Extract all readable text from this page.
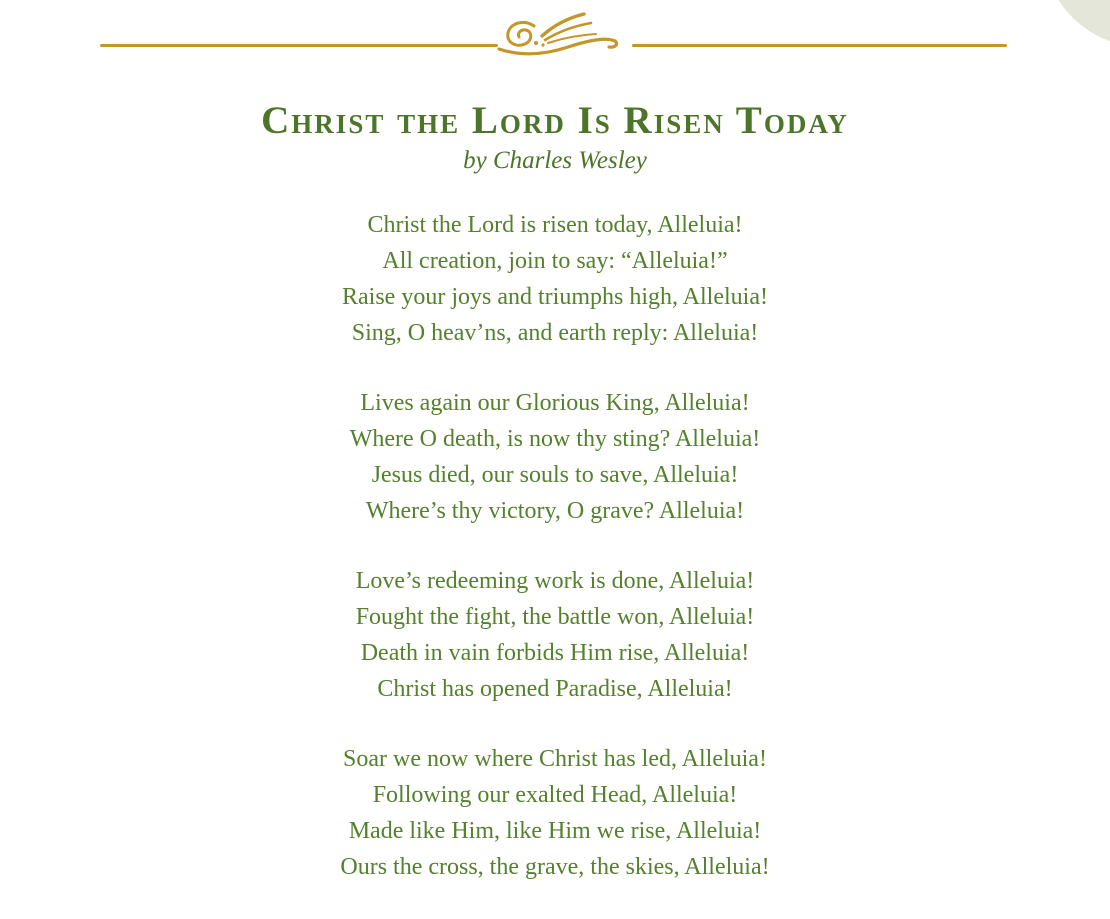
Christ the Lord Is Risen Today

by Charles Wesley

Christ the Lord is risen today, Alleluia!
All creation, join to say: “Alleluia!”
Raise your joys and triumphs high, Alleluia!
Sing, O heav’ns, and earth reply: Alleluia!
Lives again our Glorious King, Alleluia!
Where O death, is now thy sting? Alleluia!
Jesus died, our souls to save, Alleluia!
Where’s thy victory, O grave? Alleluia!
Love’s redeeming work is done, Alleluia!
Fought the fight, the battle won, Alleluia!
Death in vain forbids Him rise, Alleluia!
Christ has opened Paradise, Alleluia!
Soar we now where Christ has led, Alleluia!
Following our exalted Head, Alleluia!
Made like Him, like Him we rise, Alleluia!
Ours the cross, the grave, the skies, Alleluia!
